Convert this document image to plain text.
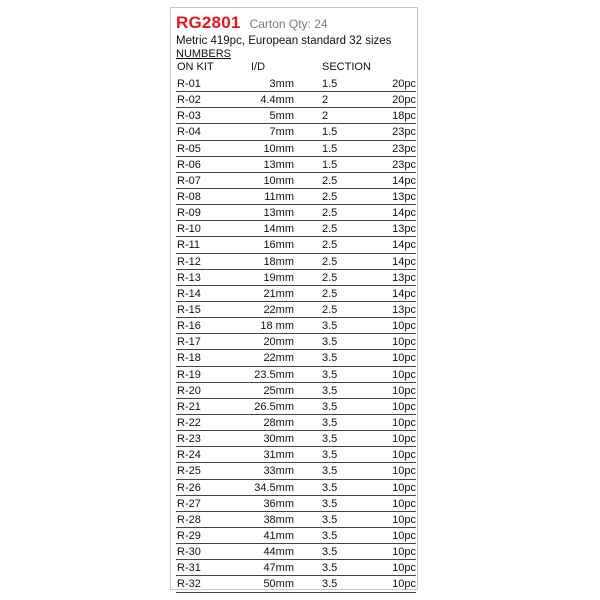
RG2801 Carton Qty: 24
Metric 419pc, European standard 32 sizes
NUMBERS
ON KIT	I/D	SECTION
R-01	3mm	1.5	20pc
R-02	4.4mm	2	20pc
R-03	5mm	2	18pc
R-04	7mm	1.5	23pc
R-05	10mm	1.5	23pc
R-06	13mm	1.5	23pc
R-07	10mm	2.5	14pc
R-08	11mm	2.5	13pc
R-09	13mm	2.5	14pc
R-10	14mm	2.5	13pc
R-11	16mm	2.5	14pc
R-12	18mm	2.5	14pc
R-13	19mm	2.5	13pc
R-14	21mm	2.5	14pc
R-15	22mm	2.5	13pc
R-16	18 mm	3.5	10pc
R-17	20mm	3.5	10pc
R-18	22mm	3.5	10pc
R-19	23.5mm	3.5	10pc
R-20	25mm	3.5	10pc
R-21	26.5mm	3.5	10pc
R-22	28mm	3.5	10pc
R-23	30mm	3.5	10pc
R-24	31mm	3.5	10pc
R-25	33mm	3.5	10pc
R-26	34.5mm	3.5	10pc
R-27	36mm	3.5	10pc
R-28	38mm	3.5	10pc
R-29	41mm	3.5	10pc
R-30	44mm	3.5	10pc
R-31	47mm	3.5	10pc
R-32	50mm	3.5	10pc
